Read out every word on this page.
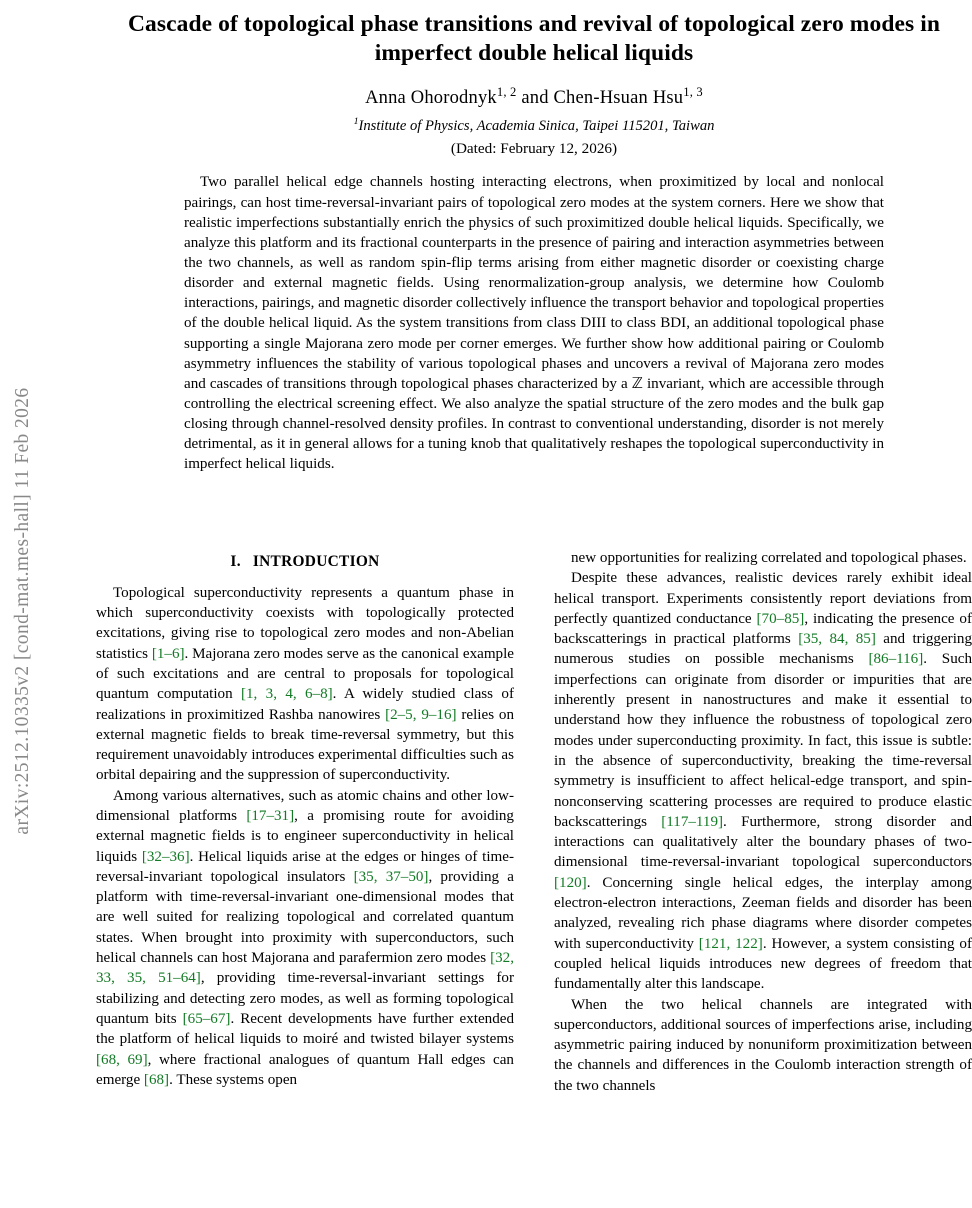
arXiv:2512.10335v2 [cond-mat.mes-hall] 11 Feb 2026
Cascade of topological phase transitions and revival of topological zero modes in imperfect double helical liquids
Anna Ohorodnyk$^{1, 2}$ and Chen-Hsuan Hsu$^{1, 3}$
$^1$Institute of Physics, Academia Sinica, Taipei 115201, Taiwan
(Dated: February 12, 2026)
Two parallel helical edge channels hosting interacting electrons, when proximitized by local and nonlocal pairings, can host time-reversal-invariant pairs of topological zero modes at the system corners. Here we show that realistic imperfections substantially enrich the physics of such proximitized double helical liquids. Specifically, we analyze this platform and its fractional counterparts in the presence of pairing and interaction asymmetries between the two channels, as well as random spin-flip terms arising from either magnetic disorder or coexisting charge disorder and external magnetic fields. Using renormalization-group analysis, we determine how Coulomb interactions, pairings, and magnetic disorder collectively influence the transport behavior and topological properties of the double helical liquid. As the system transitions from class DIII to class BDI, an additional topological phase supporting a single Majorana zero mode per corner emerges. We further show how additional pairing or Coulomb asymmetry influences the stability of various topological phases and uncovers a revival of Majorana zero modes and cascades of transitions through topological phases characterized by a ℤ invariant, which are accessible through controlling the electrical screening effect. We also analyze the spatial structure of the zero modes and the bulk gap closing through channel-resolved density profiles. In contrast to conventional understanding, disorder is not merely detrimental, as it in general allows for a tuning knob that qualitatively reshapes the topological superconductivity in imperfect helical liquids.
I. INTRODUCTION

Topological superconductivity represents a quantum phase in which superconductivity coexists with topologically protected excitations, giving rise to topological zero modes and non-Abelian statistics [1–6]. Majorana zero modes serve as the canonical example of such excitations and are central to proposals for topological quantum computation [1, 3, 4, 6–8]. A widely studied class of realizations in proximitized Rashba nanowires [2–5, 9–16] relies on external magnetic fields to break time-reversal symmetry, but this requirement unavoidably introduces experimental difficulties such as orbital depairing and the suppression of superconductivity.

Among various alternatives, such as atomic chains and other low-dimensional platforms [17–31], a promising route for avoiding external magnetic fields is to engineer superconductivity in helical liquids [32–36]. Helical liquids arise at the edges or hinges of time-reversal-invariant topological insulators [35, 37–50], providing a platform with time-reversal-invariant one-dimensional modes that are well suited for realizing topological and correlated quantum states. When brought into proximity with superconductors, such helical channels can host Majorana and parafermion zero modes [32, 33, 35, 51–64], providing time-reversal-invariant settings for stabilizing and detecting zero modes, as well as forming topological quantum bits [65–67]. Recent developments have further extended the platform of helical liquids to moiré and twisted bilayer systems [68, 69], where fractional analogues of quantum Hall edges can emerge [68]. These systems open

new opportunities for realizing correlated and topological phases.

Despite these advances, realistic devices rarely exhibit ideal helical transport. Experiments consistently report deviations from perfectly quantized conductance [70–85], indicating the presence of backscatterings in practical platforms [35, 84, 85] and triggering numerous studies on possible mechanisms [86–116]. Such imperfections can originate from disorder or impurities that are inherently present in nanostructures and make it essential to understand how they influence the robustness of topological zero modes under superconducting proximity. In fact, this issue is subtle: in the absence of superconductivity, breaking the time-reversal symmetry is insufficient to affect helical-edge transport, and spin-nonconserving scattering processes are required to produce elastic backscatterings [117–119]. Furthermore, strong disorder and interactions can qualitatively alter the boundary phases of two-dimensional time-reversal-invariant topological superconductors [120]. Concerning single helical edges, the interplay among electron-electron interactions, Zeeman fields and disorder has been analyzed, revealing rich phase diagrams where disorder competes with superconductivity [121, 122]. However, a system consisting of coupled helical liquids introduces new degrees of freedom that fundamentally alter this landscape.

When the two helical channels are integrated with superconductors, additional sources of imperfections arise, including asymmetric pairing induced by nonuniform proximitization between the channels and differences in the Coulomb interaction strength of the two channels
